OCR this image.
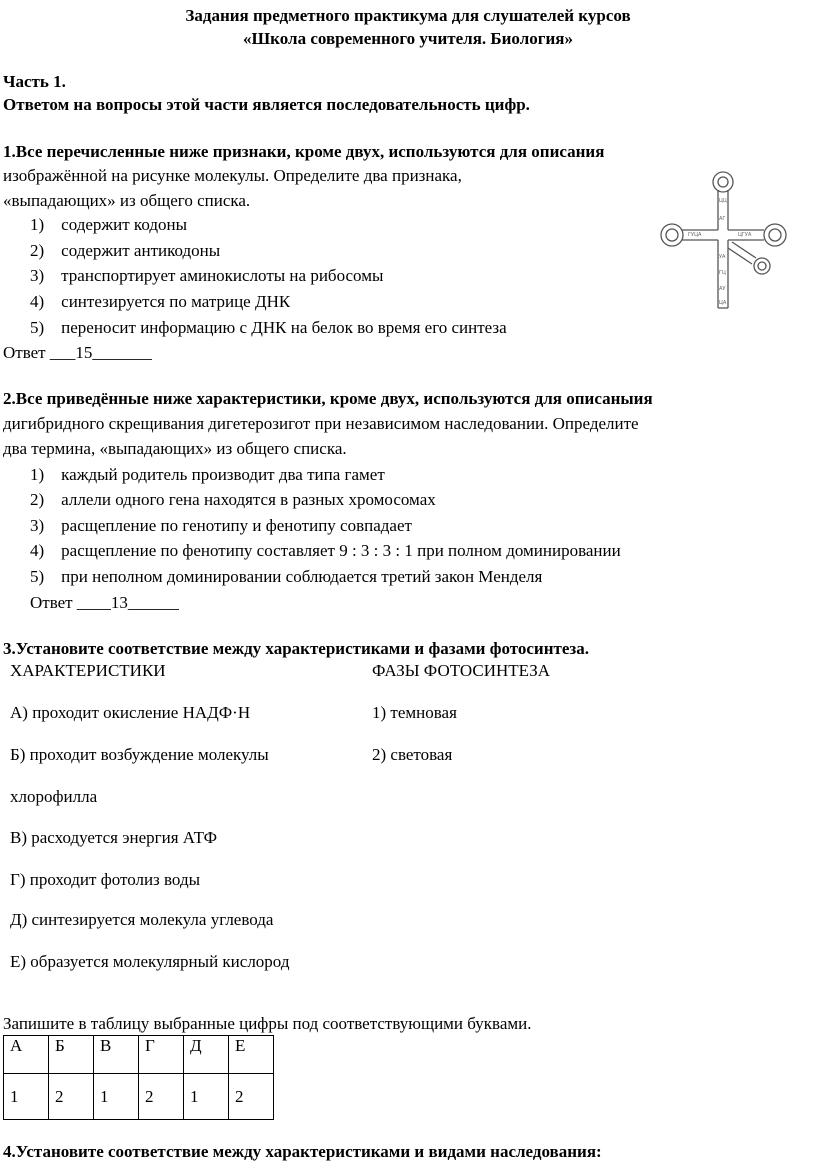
Задания предметного практикума для слушателей курсов
«Школа современного учителя. Биология»
Часть 1.
Ответом на вопросы этой части является последовательность цифр.
1.Все перечисленные ниже признаки, кроме двух, используются для описания
изображённой на рисунке молекулы. Определите два признака,
«выпадающих» из общего списка.
1) содержит кодоны
2) содержит антикодоны
3) транспортирует аминокислоты на рибосомы
4) синтезируется по матрице ДНК
5) переносит информацию с ДНК на белок во время его синтеза
Ответ ___15_______
ЦЦ
АГ
ГУЦА	ЦГУА
УА
ГЦ
АУ
ЦА
2.Все приведённые ниже характеристики, кроме двух, используются для описаныия
дигибридного скрещивания дигетерозигот при независимом наследовании. Определите
два термина, «выпадающих» из общего списка.
1) каждый родитель производит два типа гамет
2) аллели одного гена находятся в разных хромосомах
3) расщепление по генотипу и фенотипу совпадает
4) расщепление по фенотипу составляет 9 : 3 : 3 : 1 при полном доминировании
5) при неполном доминировании соблюдается третий закон Менделя
Ответ ____13______
3.Установите соответствие между характеристиками и фазами фотосинтеза.
ХАРАКТЕРИСТИКИ	ФАЗЫ ФОТОСИНТЕЗА
А) проходит окисление НАДФ·Н	1) темновая
Б) проходит возбуждение молекулы	2) световая
хлорофилла
В) расходуется энергия АТФ
Г) проходит фотолиз воды
Д) синтезируется молекула углевода
Е) образуется молекулярный кислород
Запишите в таблицу выбранные цифры под соответствующими буквами.
А	Б	В	Г	Д	Е
1	2	1	2	1	2
4.Установите соответствие между характеристиками и видами наследования:
